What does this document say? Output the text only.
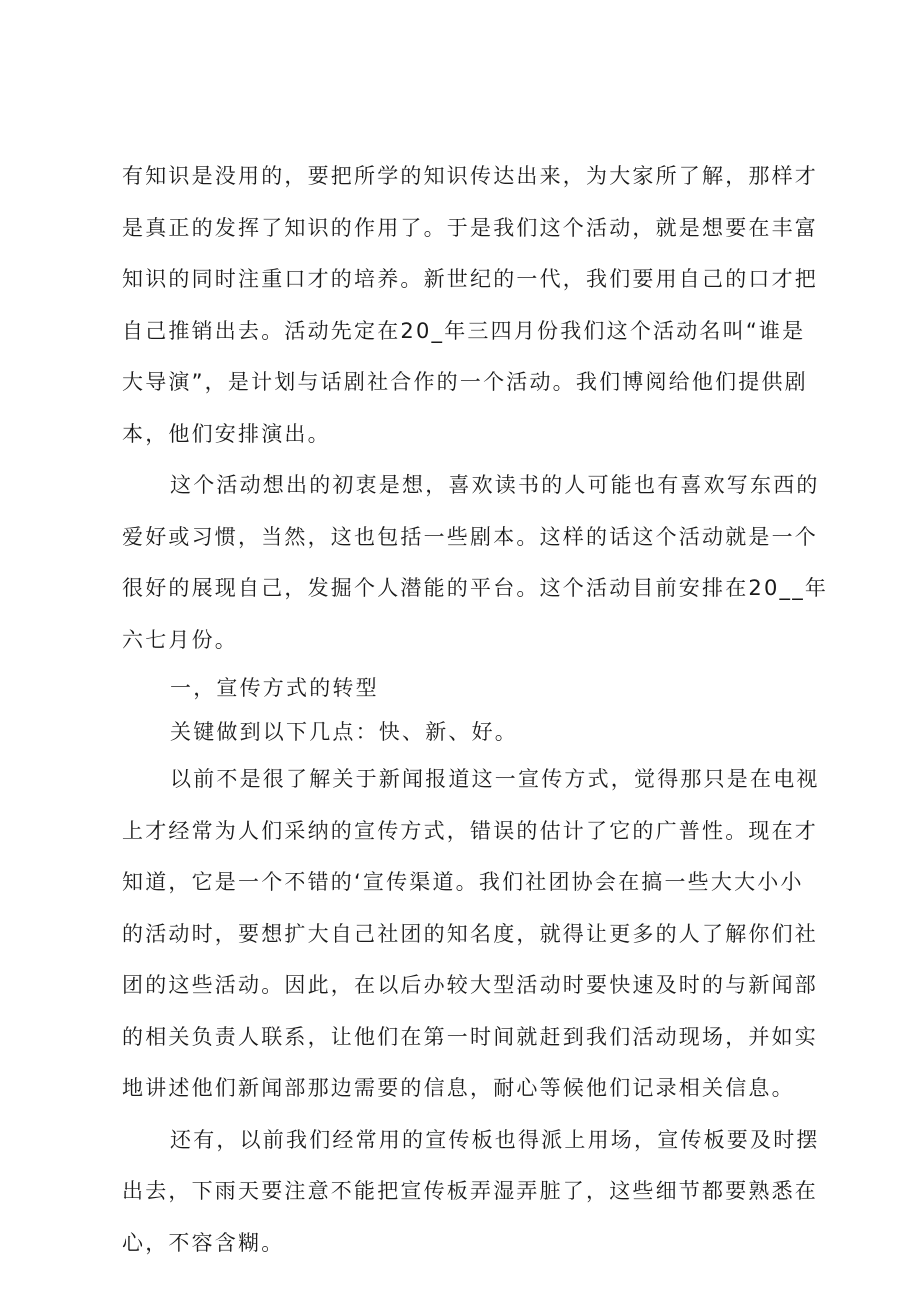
有知识是没用的，要把所学的知识传达出来，为大家所了解，那样才
是真正的发挥了知识的作用了。于是我们这个活动，就是想要在丰富
知识的同时注重口才的培养。新世纪的一代，我们要用自己的口才把
自己推销出去。活动先定在20_年三四月份我们这个活动名叫“谁是
大导演”，是计划与话剧社合作的一个活动。我们博阅给他们提供剧
本，他们安排演出。
这个活动想出的初衷是想，喜欢读书的人可能也有喜欢写东西的
爱好或习惯，当然，这也包括一些剧本。这样的话这个活动就是一个
很好的展现自己，发掘个人潜能的平台。这个活动目前安排在20__年
六七月份。
一，宣传方式的转型
关键做到以下几点：快、新、好。
以前不是很了解关于新闻报道这一宣传方式，觉得那只是在电视
上才经常为人们采纳的宣传方式，错误的估计了它的广普性。现在才
知道，它是一个不错的‘宣传渠道。我们社团协会在搞一些大大小小
的活动时，要想扩大自己社团的知名度，就得让更多的人了解你们社
团的这些活动。因此，在以后办较大型活动时要快速及时的与新闻部
的相关负责人联系，让他们在第一时间就赶到我们活动现场，并如实
地讲述他们新闻部那边需要的信息，耐心等候他们记录相关信息。
还有，以前我们经常用的宣传板也得派上用场，宣传板要及时摆
出去，下雨天要注意不能把宣传板弄湿弄脏了，这些细节都要熟悉在
心，不容含糊。
